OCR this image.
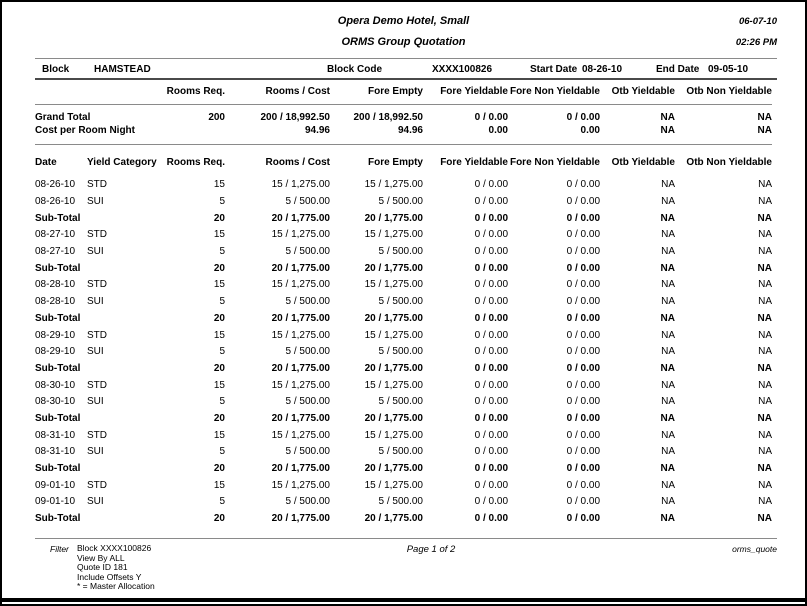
Opera Demo Hotel, Small
ORMS Group Quotation
06-07-10
02:26 PM
Block HAMSTEAD	Block Code	XXXX100826	Start Date 08-26-10	End Date 09-05-10
	Rooms Req.	Rooms / Cost	Fore Empty	Fore Yieldable	Fore Non Yieldable	Otb Yieldable	Otb Non Yieldable
Grand Total	200	200 / 18,992.50	200 / 18,992.50	0 / 0.00	0 / 0.00	NA	NA
Cost per Room Night		94.96	94.96	0.00	0.00	NA	NA
Date	Yield Category	Rooms Req.	Rooms / Cost	Fore Empty	Fore Yieldable	Fore Non Yieldable	Otb Yieldable	Otb Non Yieldable
08-26-10	STD	15	15 / 1,275.00	15 / 1,275.00	0 / 0.00	0 / 0.00	NA	NA
08-26-10	SUI	5	5 / 500.00	5 / 500.00	0 / 0.00	0 / 0.00	NA	NA
Sub-Total		20	20 / 1,775.00	20 / 1,775.00	0 / 0.00	0 / 0.00	NA	NA
08-27-10	STD	15	15 / 1,275.00	15 / 1,275.00	0 / 0.00	0 / 0.00	NA	NA
08-27-10	SUI	5	5 / 500.00	5 / 500.00	0 / 0.00	0 / 0.00	NA	NA
Sub-Total		20	20 / 1,775.00	20 / 1,775.00	0 / 0.00	0 / 0.00	NA	NA
08-28-10	STD	15	15 / 1,275.00	15 / 1,275.00	0 / 0.00	0 / 0.00	NA	NA
08-28-10	SUI	5	5 / 500.00	5 / 500.00	0 / 0.00	0 / 0.00	NA	NA
Sub-Total		20	20 / 1,775.00	20 / 1,775.00	0 / 0.00	0 / 0.00	NA	NA
08-29-10	STD	15	15 / 1,275.00	15 / 1,275.00	0 / 0.00	0 / 0.00	NA	NA
08-29-10	SUI	5	5 / 500.00	5 / 500.00	0 / 0.00	0 / 0.00	NA	NA
Sub-Total		20	20 / 1,775.00	20 / 1,775.00	0 / 0.00	0 / 0.00	NA	NA
08-30-10	STD	15	15 / 1,275.00	15 / 1,275.00	0 / 0.00	0 / 0.00	NA	NA
08-30-10	SUI	5	5 / 500.00	5 / 500.00	0 / 0.00	0 / 0.00	NA	NA
Sub-Total		20	20 / 1,775.00	20 / 1,775.00	0 / 0.00	0 / 0.00	NA	NA
08-31-10	STD	15	15 / 1,275.00	15 / 1,275.00	0 / 0.00	0 / 0.00	NA	NA
08-31-10	SUI	5	5 / 500.00	5 / 500.00	0 / 0.00	0 / 0.00	NA	NA
Sub-Total		20	20 / 1,775.00	20 / 1,775.00	0 / 0.00	0 / 0.00	NA	NA
09-01-10	STD	15	15 / 1,275.00	15 / 1,275.00	0 / 0.00	0 / 0.00	NA	NA
09-01-10	SUI	5	5 / 500.00	5 / 500.00	0 / 0.00	0 / 0.00	NA	NA
Sub-Total		20	20 / 1,775.00	20 / 1,775.00	0 / 0.00	0 / 0.00	NA	NA
Filter Block XXXX100826
View By ALL
Quote ID 181
Include Offsets Y
* = Master Allocation
Page 1 of 2	orms_quote
